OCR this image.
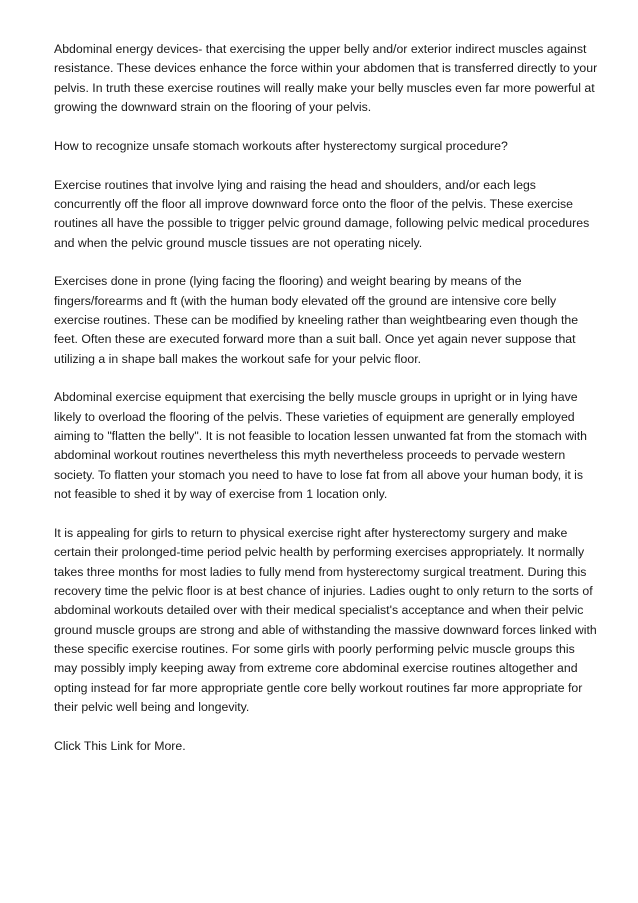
Abdominal energy devices- that exercising the upper belly and/or exterior indirect muscles against resistance. These devices enhance the force within your abdomen that is transferred directly to your pelvis. In truth these exercise routines will really make your belly muscles even far more powerful at growing the downward strain on the flooring of your pelvis.

How to recognize unsafe stomach workouts after hysterectomy surgical procedure?

Exercise routines that involve lying and raising the head and shoulders, and/or each legs concurrently off the floor all improve downward force onto the floor of the pelvis. These exercise routines all have the possible to trigger pelvic ground damage, following pelvic medical procedures and when the pelvic ground muscle tissues are not operating nicely.

Exercises done in prone (lying facing the flooring) and weight bearing by means of the fingers/forearms and ft (with the human body elevated off the ground are intensive core belly exercise routines. These can be modified by kneeling rather than weightbearing even though the feet. Often these are executed forward more than a suit ball. Once yet again never suppose that utilizing a in shape ball makes the workout safe for your pelvic floor.

Abdominal exercise equipment that exercising the belly muscle groups in upright or in lying have likely to overload the flooring of the pelvis. These varieties of equipment are generally employed aiming to "flatten the belly". It is not feasible to location lessen unwanted fat from the stomach with abdominal workout routines nevertheless this myth nevertheless proceeds to pervade western society. To flatten your stomach you need to have to lose fat from all above your human body, it is not feasible to shed it by way of exercise from 1 location only.

It is appealing for girls to return to physical exercise right after hysterectomy surgery and make certain their prolonged-time period pelvic health by performing exercises appropriately. It normally takes three months for most ladies to fully mend from hysterectomy surgical treatment. During this recovery time the pelvic floor is at best chance of injuries. Ladies ought to only return to the sorts of abdominal workouts detailed over with their medical specialist's acceptance and when their pelvic ground muscle groups are strong and able of withstanding the massive downward forces linked with these specific exercise routines. For some girls with poorly performing pelvic muscle groups this may possibly imply keeping away from extreme core abdominal exercise routines altogether and opting instead for far more appropriate gentle core belly workout routines far more appropriate for their pelvic well being and longevity.

Click This Link for More.
